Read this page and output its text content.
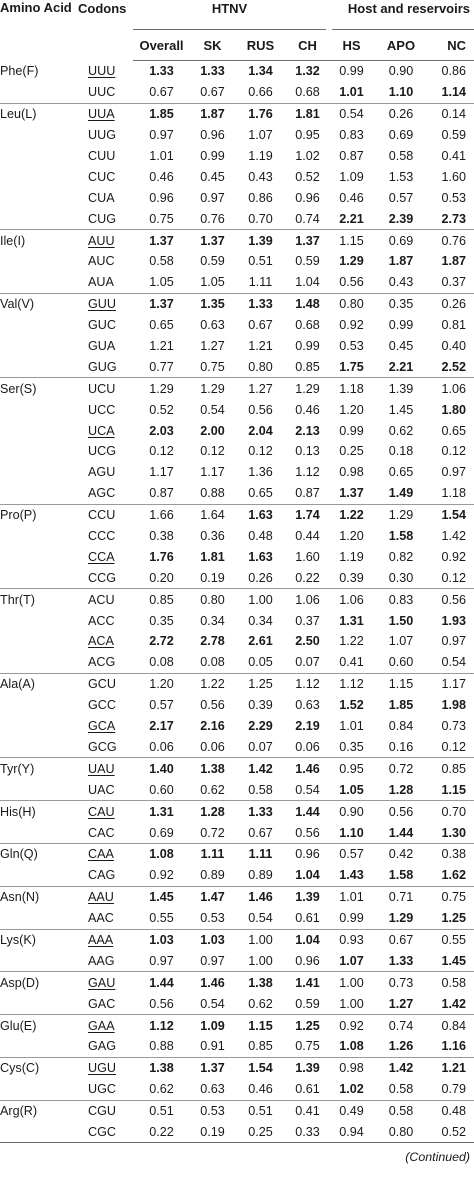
Amino Acid	Codons	HTNV				Host and reservoirs		
		Overall	SK	RUS	CH	HS	APO	NC
Phe(F)	UUU	1.33	1.33	1.34	1.32	0.99	0.90	0.86
	UUC	0.67	0.67	0.66	0.68	1.01	1.10	1.14
Leu(L)	UUA	1.85	1.87	1.76	1.81	0.54	0.26	0.14
	UUG	0.97	0.96	1.07	0.95	0.83	0.69	0.59
	CUU	1.01	0.99	1.19	1.02	0.87	0.58	0.41
	CUC	0.46	0.45	0.43	0.52	1.09	1.53	1.60
	CUA	0.96	0.97	0.86	0.96	0.46	0.57	0.53
	CUG	0.75	0.76	0.70	0.74	2.21	2.39	2.73
Ile(I)	AUU	1.37	1.37	1.39	1.37	1.15	0.69	0.76
	AUC	0.58	0.59	0.51	0.59	1.29	1.87	1.87
	AUA	1.05	1.05	1.11	1.04	0.56	0.43	0.37
Val(V)	GUU	1.37	1.35	1.33	1.48	0.80	0.35	0.26
	GUC	0.65	0.63	0.67	0.68	0.92	0.99	0.81
	GUA	1.21	1.27	1.21	0.99	0.53	0.45	0.40
	GUG	0.77	0.75	0.80	0.85	1.75	2.21	2.52
Ser(S)	UCU	1.29	1.29	1.27	1.29	1.18	1.39	1.06
	UCC	0.52	0.54	0.56	0.46	1.20	1.45	1.80
	UCA	2.03	2.00	2.04	2.13	0.99	0.62	0.65
	UCG	0.12	0.12	0.12	0.13	0.25	0.18	0.12
	AGU	1.17	1.17	1.36	1.12	0.98	0.65	0.97
	AGC	0.87	0.88	0.65	0.87	1.37	1.49	1.18
Pro(P)	CCU	1.66	1.64	1.63	1.74	1.22	1.29	1.54
	CCC	0.38	0.36	0.48	0.44	1.20	1.58	1.42
	CCA	1.76	1.81	1.63	1.60	1.19	0.82	0.92
	CCG	0.20	0.19	0.26	0.22	0.39	0.30	0.12
Thr(T)	ACU	0.85	0.80	1.00	1.06	1.06	0.83	0.56
	ACC	0.35	0.34	0.34	0.37	1.31	1.50	1.93
	ACA	2.72	2.78	2.61	2.50	1.22	1.07	0.97
	ACG	0.08	0.08	0.05	0.07	0.41	0.60	0.54
Ala(A)	GCU	1.20	1.22	1.25	1.12	1.12	1.15	1.17
	GCC	0.57	0.56	0.39	0.63	1.52	1.85	1.98
	GCA	2.17	2.16	2.29	2.19	1.01	0.84	0.73
	GCG	0.06	0.06	0.07	0.06	0.35	0.16	0.12
Tyr(Y)	UAU	1.40	1.38	1.42	1.46	0.95	0.72	0.85
	UAC	0.60	0.62	0.58	0.54	1.05	1.28	1.15
His(H)	CAU	1.31	1.28	1.33	1.44	0.90	0.56	0.70
	CAC	0.69	0.72	0.67	0.56	1.10	1.44	1.30
Gln(Q)	CAA	1.08	1.11	1.11	0.96	0.57	0.42	0.38
	CAG	0.92	0.89	0.89	1.04	1.43	1.58	1.62
Asn(N)	AAU	1.45	1.47	1.46	1.39	1.01	0.71	0.75
	AAC	0.55	0.53	0.54	0.61	0.99	1.29	1.25
Lys(K)	AAA	1.03	1.03	1.00	1.04	0.93	0.67	0.55
	AAG	0.97	0.97	1.00	0.96	1.07	1.33	1.45
Asp(D)	GAU	1.44	1.46	1.38	1.41	1.00	0.73	0.58
	GAC	0.56	0.54	0.62	0.59	1.00	1.27	1.42
Glu(E)	GAA	1.12	1.09	1.15	1.25	0.92	0.74	0.84
	GAG	0.88	0.91	0.85	0.75	1.08	1.26	1.16
Cys(C)	UGU	1.38	1.37	1.54	1.39	0.98	1.42	1.21
	UGC	0.62	0.63	0.46	0.61	1.02	0.58	0.79
Arg(R)	CGU	0.51	0.53	0.51	0.41	0.49	0.58	0.48
	CGC	0.22	0.19	0.25	0.33	0.94	0.80	0.52
(Continued)								
